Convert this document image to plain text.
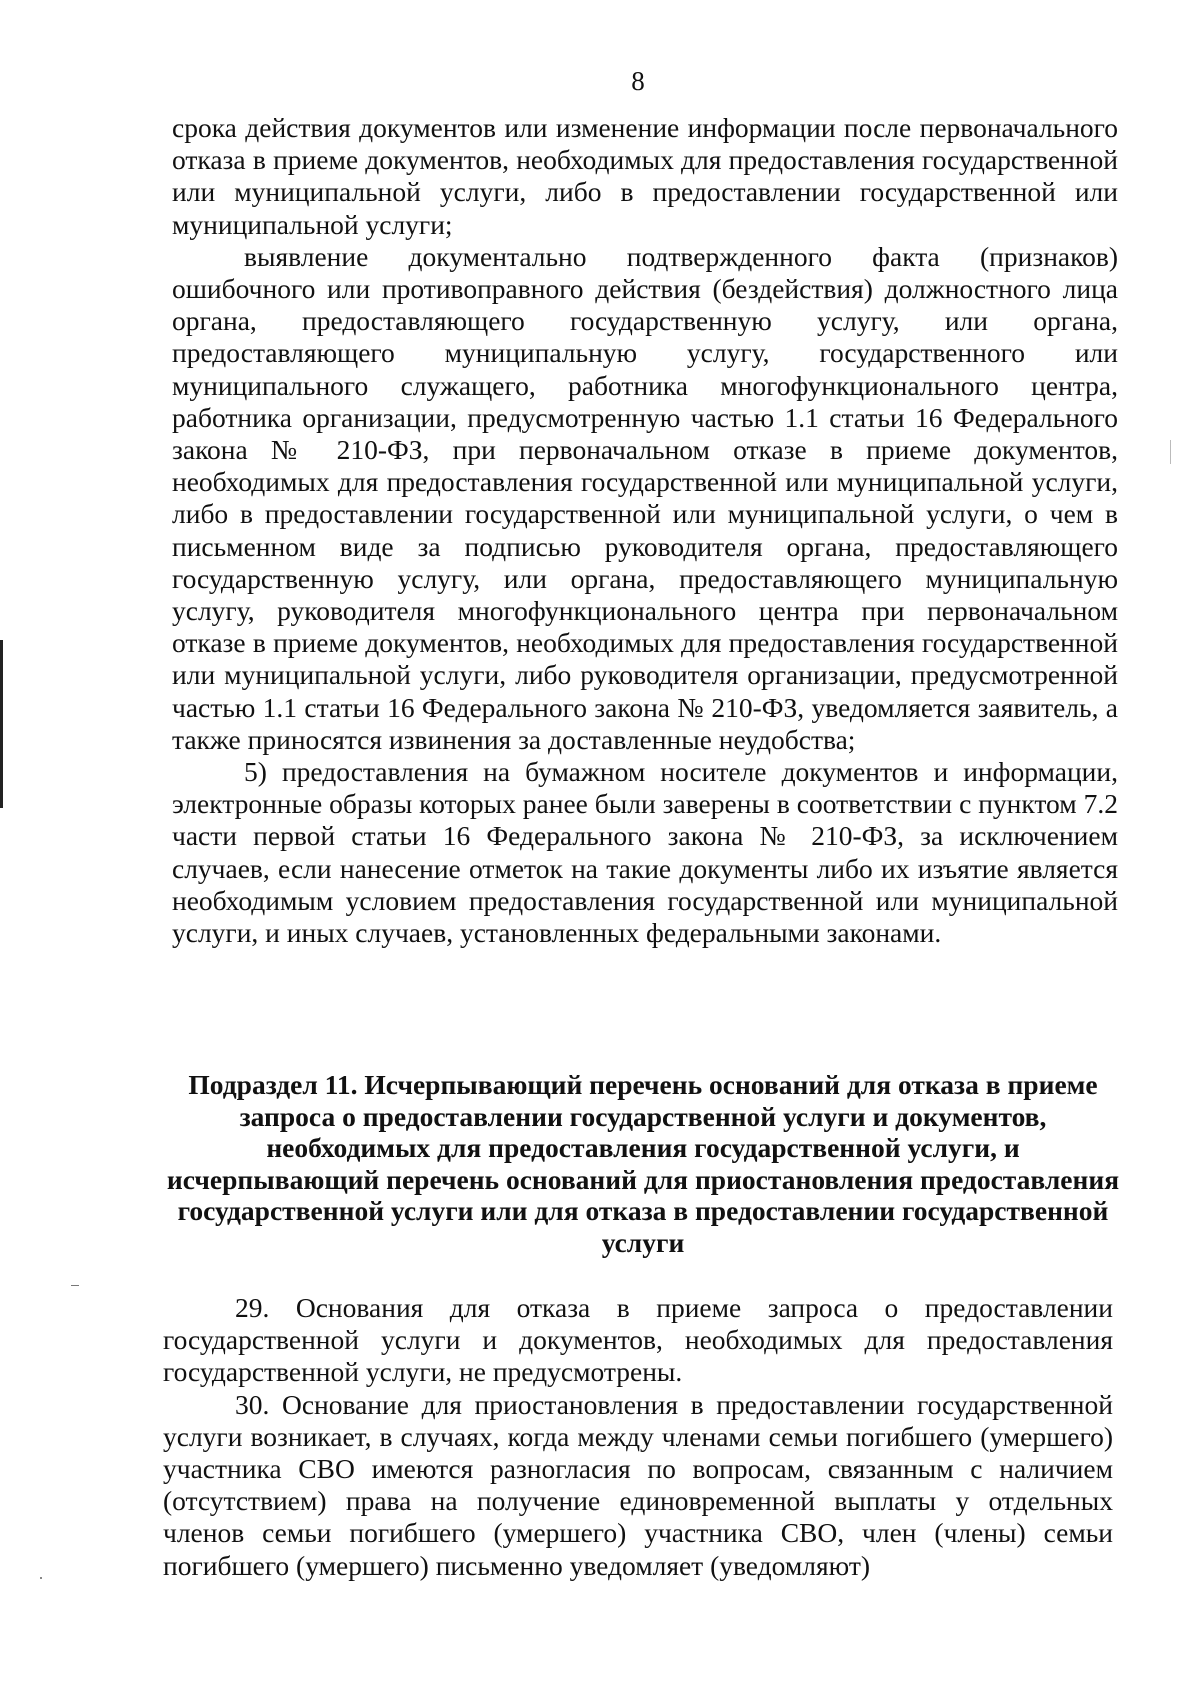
8

срока действия документов или изменение информации после первоначального отказа в приеме документов, необходимых для предоставления государственной или муниципальной услуги, либо в предоставлении государственной или муниципальной услуги;

выявление документально подтвержденного факта (признаков) ошибочного или противоправного действия (бездействия) должностного лица органа, предоставляющего государственную услугу, или органа, предоставляющего муниципальную услугу, государственного или муниципального служащего, работника многофункционального центра, работника организации, предусмотренную частью 1.1 статьи 16 Федерального закона № 210-ФЗ, при первоначальном отказе в приеме документов, необходимых для предоставления государственной или муниципальной услуги, либо в предоставлении государственной или муниципальной услуги, о чем в письменном виде за подписью руководителя органа, предоставляющего государственную услугу, или органа, предоставляющего муниципальную услугу, руководителя многофункционального центра при первоначальном отказе в приеме документов, необходимых для предоставления государственной или муниципальной услуги, либо руководителя организации, предусмотренной частью 1.1 статьи 16 Федерального закона № 210-ФЗ, уведомляется заявитель, а также приносятся извинения за доставленные неудобства;

5) предоставления на бумажном носителе документов и информации, электронные образы которых ранее были заверены в соответствии с пунктом 7.2 части первой статьи 16 Федерального закона № 210-ФЗ, за исключением случаев, если нанесение отметок на такие документы либо их изъятие является необходимым условием предоставления государственной или муниципальной услуги, и иных случаев, установленных федеральными законами.

Подраздел 11. Исчерпывающий перечень оснований для отказа в приеме запроса о предоставлении государственной услуги и документов, необходимых для предоставления государственной услуги, и исчерпывающий перечень оснований для приостановления предоставления государственной услуги или для отказа в предоставлении государственной услуги

29. Основания для отказа в приеме запроса о предоставлении государственной услуги и документов, необходимых для предоставления государственной услуги, не предусмотрены.

30. Основание для приостановления в предоставлении государственной услуги возникает, в случаях, когда между членами семьи погибшего (умершего) участника СВО имеются разногласия по вопросам, связанным с наличием (отсутствием) права на получение единовременной выплаты у отдельных членов семьи погибшего (умершего) участника СВО, член (члены) семьи погибшего (умершего) письменно уведомляет (уведомляют)
